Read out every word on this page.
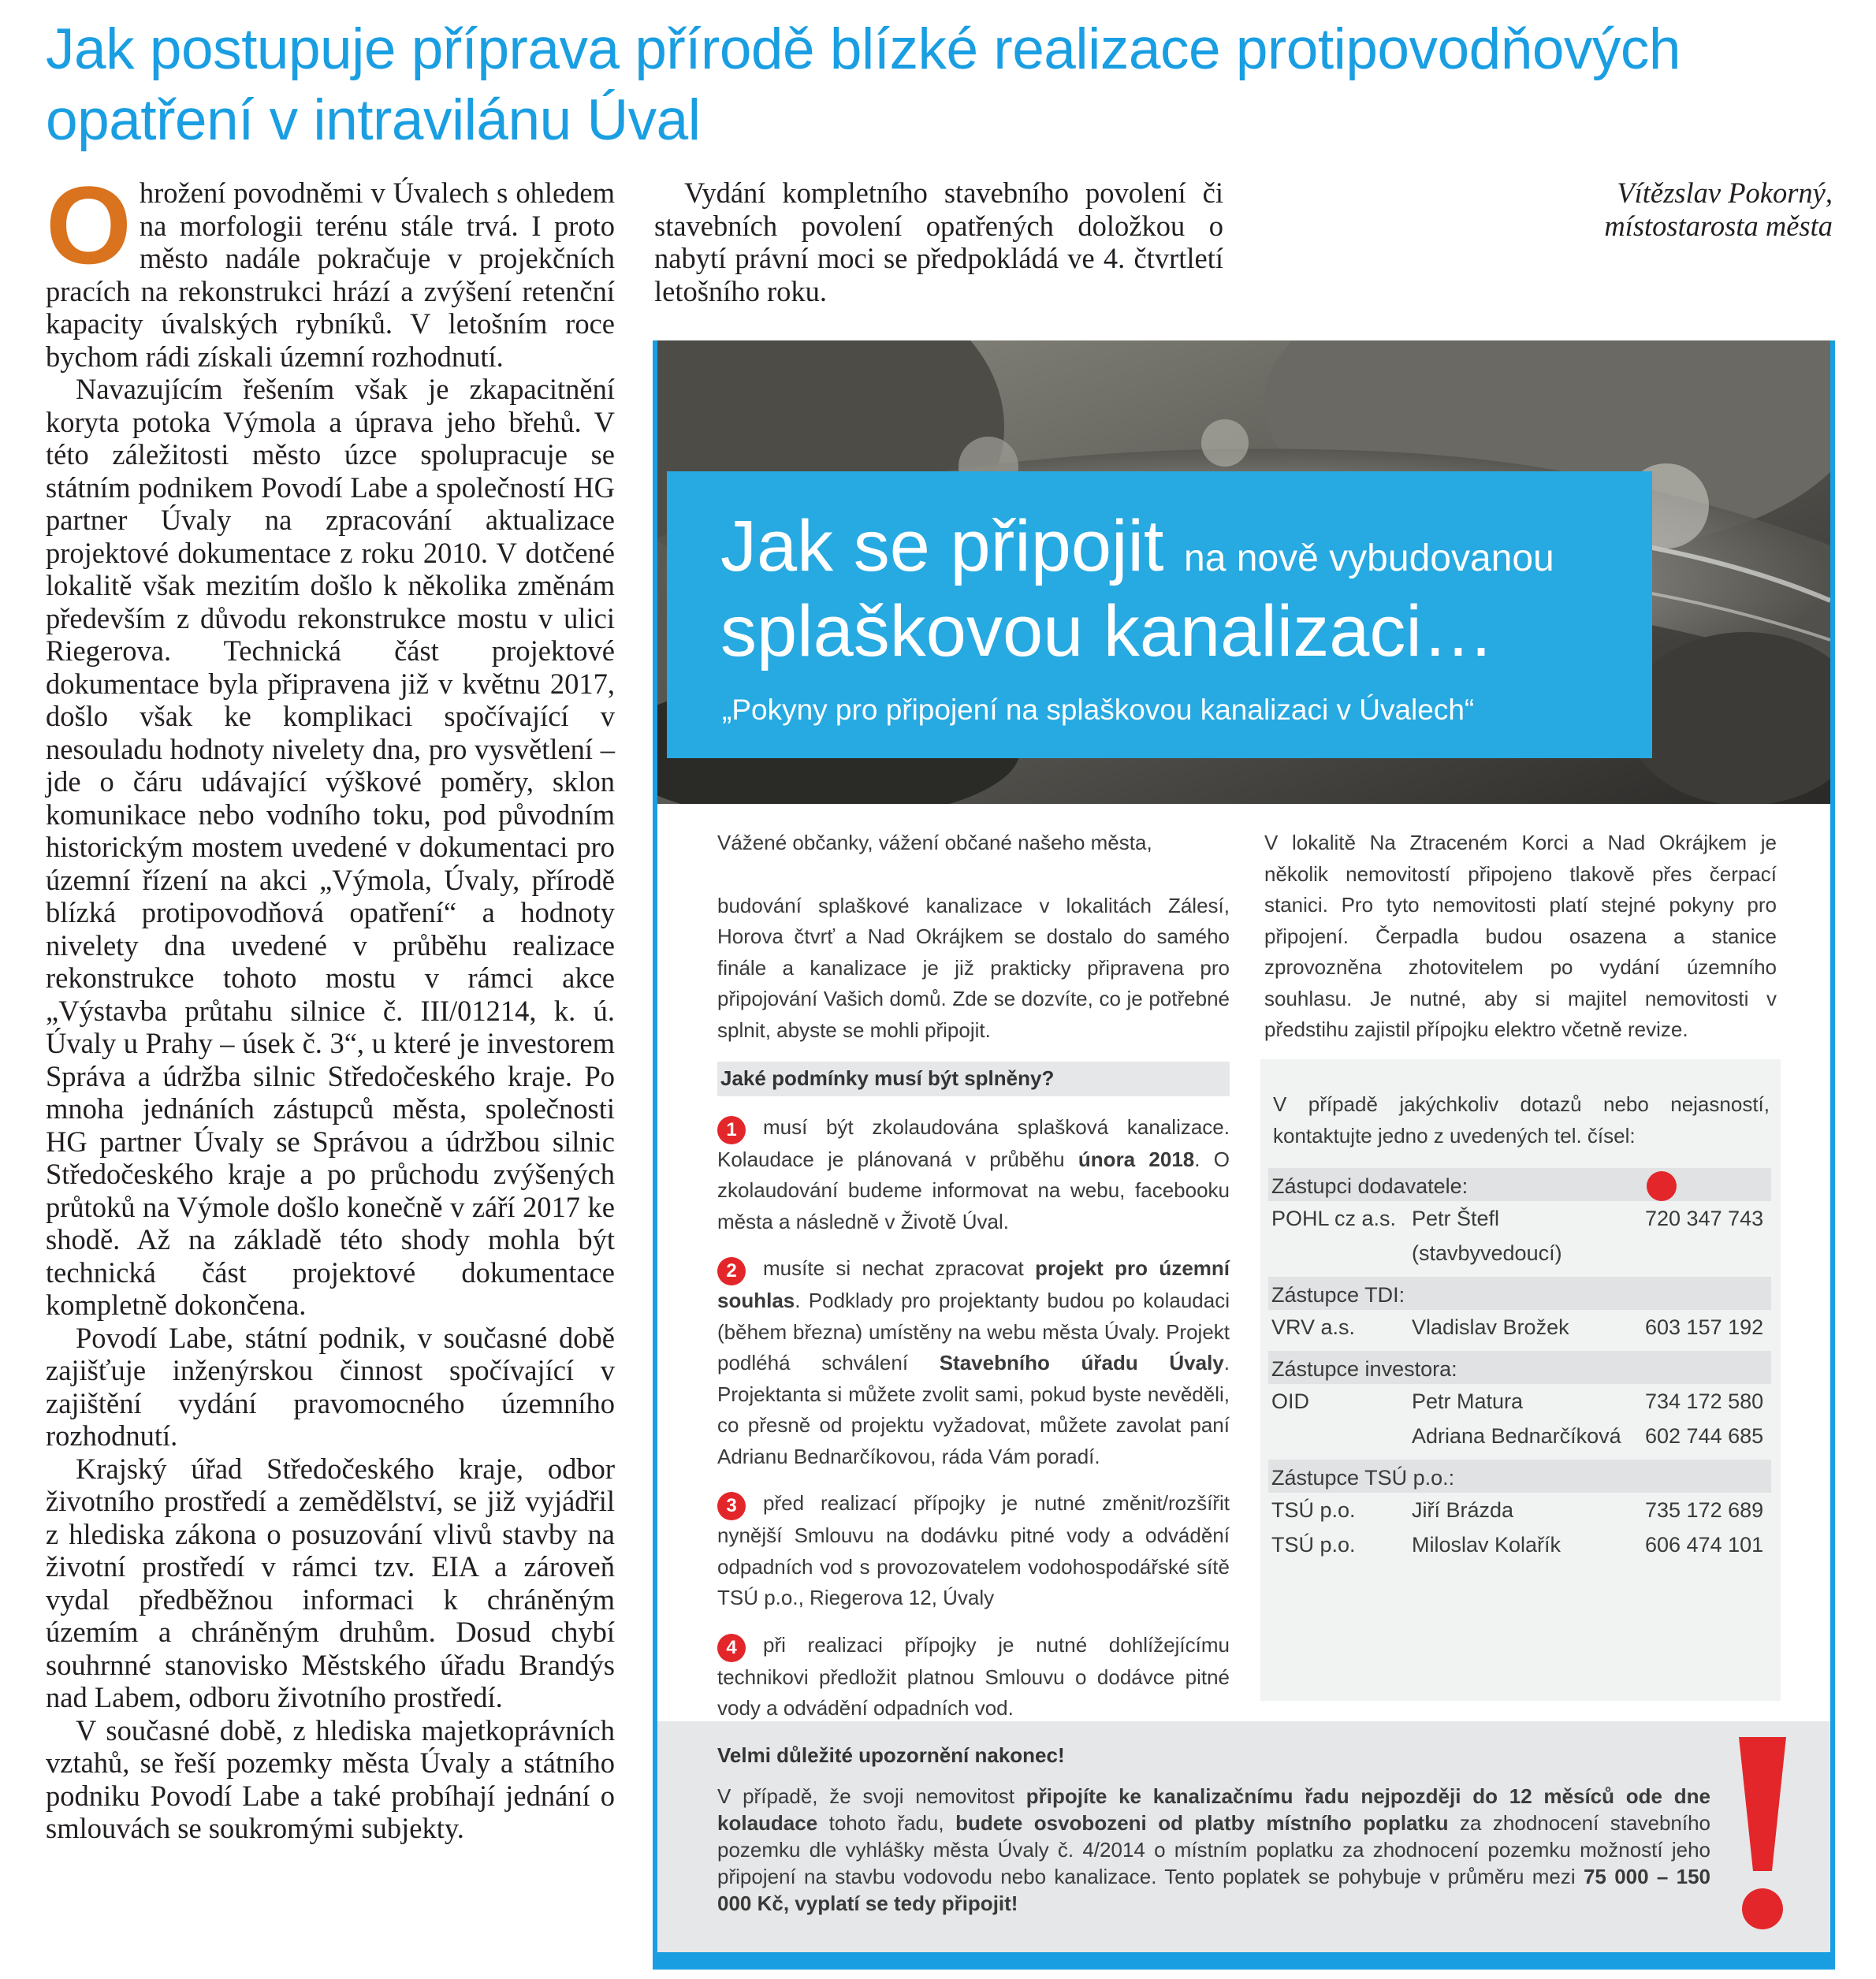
Jak postupuje příprava přírodě blízké realizace protipovodňových opatření v intravilánu Úval

Ohrožení povodněmi v Úvalech s ohledem na morfologii terénu stále trvá. I proto město nadále pokračuje v projekčních pracích na rekonstrukci hrází a zvýšení retenční kapacity úvalských rybníků. V letošním roce bychom rádi získali územní rozhodnutí.

Navazujícím řešením však je zkapacitnění koryta potoka Výmola a úprava jeho břehů. V této záležitosti město úzce spolupracuje se státním podnikem Povodí Labe a společností HG partner Úvaly na zpracování aktualizace projektové dokumentace z roku 2010. V dotčené lokalitě však mezitím došlo k několika změnám především z důvodu rekonstrukce mostu v ulici Riegerova. Technická část projektové dokumentace byla připravena již v květnu 2017, došlo však ke komplikaci spočívající v nesouladu hodnoty nivelety dna, pro vysvětlení – jde o čáru udávající výškové poměry, sklon komunikace nebo vodního toku, pod původním historickým mostem uvedené v dokumentaci pro územní řízení na akci „Výmola, Úvaly, přírodě blízká protipovodňová opatření“ a hodnoty nivelety dna uvedené v průběhu realizace rekonstrukce tohoto mostu v rámci akce „Výstavba průtahu silnice č. III/01214, k. ú. Úvaly u Prahy – úsek č. 3“, u které je investorem Správa a údržba silnic Středočeského kraje. Po mnoha jednáních zástupců města, společnosti HG partner Úvaly se Správou a údržbou silnic Středočeského kraje a po průchodu zvýšených průtoků na Výmole došlo konečně v září 2017 ke shodě. Až na základě této shody mohla být technická část projektové dokumentace kompletně dokončena.

Povodí Labe, státní podnik, v současné době zajišťuje inženýrskou činnost spočívající v zajištění vydání pravomocného územního rozhodnutí.

Krajský úřad Středočeského kraje, odbor životního prostředí a zemědělství, se již vyjádřil z hlediska zákona o posuzování vlivů stavby na životní prostředí v rámci tzv. EIA a zároveň vydal předběžnou informaci k chráněným územím a chráněným druhům. Dosud chybí souhrnné stanovisko Městského úřadu Brandýs nad Labem, odboru životního prostředí.

V současné době, z hlediska majetkoprávních vztahů, se řeší pozemky města Úvaly a státního podniku Povodí Labe a také probíhají jednání o smlouvách se soukromými subjekty.

Vydání kompletního stavebního povolení či stavebních povolení opatřených doložkou o nabytí právní moci se předpokládá ve 4. čtvrtletí letošního roku.

Vítězslav Pokorný,

místostarosta města

Jak se připojit na nově vybudovanou

splaškovou kanalizaci…

„Pokyny pro připojení na splaškovou kanalizaci v Úvalech“

Vážené občanky, vážení občané našeho města,

budování splaškové kanalizace v lokalitách Zálesí, Horova čtvrť a Nad Okrájkem se dostalo do samého finále a kanalizace je již prakticky připravena pro připojování Vašich domů. Zde se dozvíte, co je potřebné splnit, abyste se mohli připojit.

Jaké podmínky musí být splněny?

1 musí být zkolaudována splašková kanalizace. Kolaudace je plánovaná v průběhu února 2018. O zkolaudování budeme informovat na webu, facebooku města a následně v Životě Úval.

2 musíte si nechat zpracovat projekt pro územní souhlas. Podklady pro projektanty budou po kolaudaci (během března) umístěny na webu města Úvaly. Projekt podléhá schválení Stavebního úřadu Úvaly. Projektanta si můžete zvolit sami, pokud byste nevěděli, co přesně od projektu vyžadovat, můžete zavolat paní Adrianu Bednarčíkovou, ráda Vám poradí.

3 před realizací přípojky je nutné změnit/rozšířit nynější Smlouvu na dodávku pitné vody a odvádění odpadních vod s provozovatelem vodohospodářské sítě TSÚ p.o., Riegerova 12, Úvaly

4 při realizaci přípojky je nutné dohlížejícímu technikovi předložit platnou Smlouvu o dodávce pitné vody a odvádění odpadních vod.

V lokalitě Na Ztraceném Korci a Nad Okrájkem je několik nemovitostí připojeno tlakově přes čerpací stanici. Pro tyto nemovitosti platí stejné pokyny pro připojení. Čerpadla budou osazena a stanice zprovozněna zhotovitelem po vydání územního souhlasu. Je nutné, aby si majitel nemovitosti v předstihu zajistil přípojku elektro včetně revize.

V případě jakýchkoliv dotazů nebo nejasností, kontaktujte jedno z uvedených tel. čísel:

Zástupci dodavatele:
POHL cz a.s. Petr Štefl	720 347 743
(stavbyvedoucí)
Zástupce TDI:
VRV a.s.	Vladislav Brožek	603 157 192
Zástupce investora:
OID	Petr Matura	734 172 580
Adriana Bednarčíková 602 744 685
Zástupce TSÚ p.o.:
TSÚ p.o.	Jiří Brázda	735 172 689
TSÚ p.o.	Miloslav Kolařík	606 474 101

Velmi důležité upozornění nakonec!

V případě, že svoji nemovitost připojíte ke kanalizačnímu řadu nejpozději do 12 měsíců ode dne kolaudace tohoto řadu, budete osvobozeni od platby místního poplatku za zhodnocení stavebního pozemku dle vyhlášky města Úvaly č. 4/2014 o místním poplatku za zhodnocení pozemku možností jeho připojení na stavbu vodovodu nebo kanalizace. Tento poplatek se pohybuje v průměru mezi 75 000 – 150 000 Kč, vyplatí se tedy připojit!
